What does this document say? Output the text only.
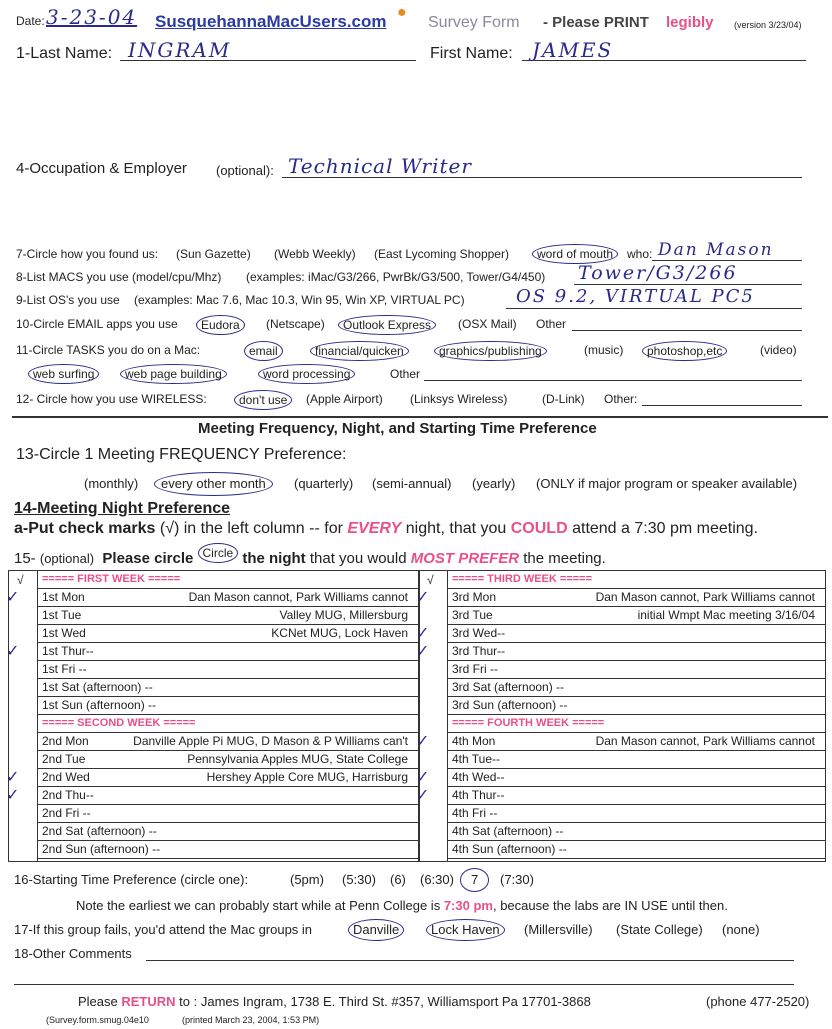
Date: 3-23-04 SusquehannaMacUsers.com ●
Survey Form - Please PRINT legibly (version 3/23/04)
1-Last Name: INGRAM	First Name: JAMES
4-Occupation & Employer (optional): Technical Writer
7-Circle how you found us: (Sun Gazette) (Webb Weekly) (East Lycoming Shopper)	word of mouth	who: Dan Mason
8-List MACS you use (model/cpu/Mhz) (examples: iMac/G3/266, PwrBk/G3/500, Tower/G4/450) Tower/G3/266
9-List OS's you use (examples: Mac 7.6, Mac 10.3, Win 95, Win XP, VIRTUAL PC)	OS 9.2, VIRTUAL PC5
10-Circle EMAIL apps you use	Eudora	(Netscape)	Outlook Express	(OSX Mail) Other
11-Circle TASKS you do on a Mac:	email	financial/quicken	graphics/publishing	(music)	photoshop,etc	(video)
web surfing	web page building	word processing	Other
12- Circle how you use WIRELESS:	don't use	(Apple Airport) (Linksys Wireless)	(D-Link) Other:
Meeting Frequency, Night, and Starting Time Preference
13-Circle 1 Meeting FREQUENCY Preference:
(monthly)	every other month	(quarterly) (semi-annual) (yearly) (ONLY if major program or speaker available)
14-Meeting Night Preference
a-Put check marks (√) in the left column -- for EVERY night, that you COULD attend a 7:30 pm meeting.
15- (optional) Please circle Circle the night that you would MOST PREFER the meeting.
√	√
===== FIRST WEEK =====
✓ 1st Mon	Dan Mason cannot, Park Williams cannot
1st Tue	Valley MUG, Millersburg
1st Wed	KCNet MUG, Lock Haven
✓ 1st Thur--
1st Fri --
1st Sat (afternoon) --
1st Sun (afternoon) --
===== SECOND WEEK =====
2nd Mon	Danville Apple Pi MUG, D Mason & P Williams can't
2nd Tue	Pennsylvania Apples MUG, State College
✓ 2nd Wed	Hershey Apple Core MUG, Harrisburg
✓ 2nd Thu--
2nd Fri --
2nd Sat (afternoon) --
2nd Sun (afternoon) --
===== THIRD WEEK =====
✓ 3rd Mon	Dan Mason cannot, Park Williams cannot
3rd Tue	initial Wmpt Mac meeting 3/16/04
✓ 3rd Wed--
✓ 3rd Thur--
3rd Fri --
3rd Sat (afternoon) --
3rd Sun (afternoon) --
===== FOURTH WEEK =====
✓ 4th Mon	Dan Mason cannot, Park Williams cannot
4th Tue--
✓ 4th Wed--
✓ 4th Thur--
4th Fri --
4th Sat (afternoon) --
4th Sun (afternoon) --
16-Starting Time Preference (circle one):	(5pm) (5:30) (6) (6:30)	7	(7:30)
Note the earliest we can probably start while at Penn College is 7:30 pm, because the labs are IN USE until then.
17-If this group fails, you'd attend the Mac groups in	Danville	Lock Haven	(Millersville) (State College) (none)
18-Other Comments
Please RETURN to : James Ingram, 1738 E. Third St. #357, Williamsport Pa 17701-3868	(phone 477-2520)
(Survey.form.smug.04e10	(printed March 23, 2004, 1:53 PM)
